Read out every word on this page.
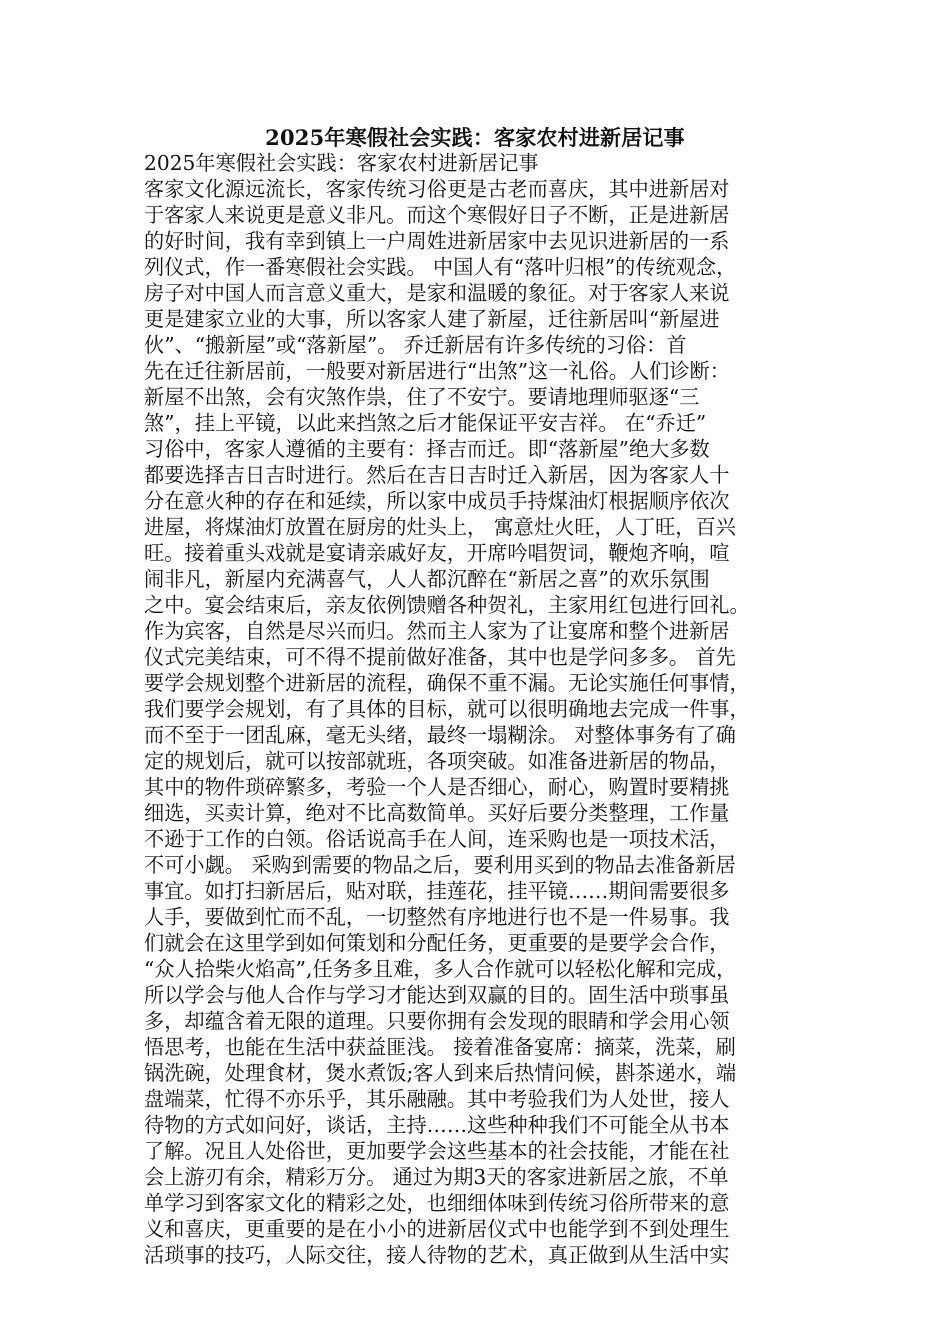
2025年寒假社会实践：客家农村进新居记事
2025年寒假社会实践：客家农村进新居记事
客家文化源远流长，客家传统习俗更是古老而喜庆，其中进新居对
于客家人来说更是意义非凡。而这个寒假好日子不断，正是进新居
的好时间，我有幸到镇上一户周姓进新居家中去见识进新居的一系
列仪式，作一番寒假社会实践。 中国人有“落叶归根”的传统观念，
房子对中国人而言意义重大，是家和温暖的象征。对于客家人来说
更是建家立业的大事，所以客家人建了新屋，迁往新居叫“新屋进
伙”、“搬新屋”或“落新屋”。 乔迁新居有许多传统的习俗：首
先在迁往新居前，一般要对新居进行“出煞”这一礼俗。人们诊断：
新屋不出煞，会有灾煞作祟，住了不安宁。要请地理师驱逐“三
煞”，挂上平镜，以此来挡煞之后才能保证平安吉祥。 在“乔迁”
习俗中，客家人遵循的主要有：择吉而迁。即“落新屋”绝大多数
都要选择吉日吉时进行。然后在吉日吉时迁入新居，因为客家人十
分在意火种的存在和延续，所以家中成员手持煤油灯根据顺序依次
进屋，将煤油灯放置在厨房的灶头上， 寓意灶火旺，人丁旺，百兴
旺。接着重头戏就是宴请亲戚好友，开席吟唱贺词，鞭炮齐响，喧
闹非凡，新屋内充满喜气，人人都沉醉在“新居之喜”的欢乐氛围
之中。宴会结束后，亲友依例馈赠各种贺礼，主家用红包进行回礼。
作为宾客，自然是尽兴而归。然而主人家为了让宴席和整个进新居
仪式完美结束，可不得不提前做好准备，其中也是学问多多。 首先
要学会规划整个进新居的流程，确保不重不漏。无论实施任何事情，
我们要学会规划，有了具体的目标，就可以很明确地去完成一件事，
而不至于一团乱麻，毫无头绪，最终一塌糊涂。 对整体事务有了确
定的规划后，就可以按部就班，各项突破。如准备进新居的物品，
其中的物件琐碎繁多，考验一个人是否细心，耐心，购置时要精挑
细选，买卖计算，绝对不比高数简单。买好后要分类整理，工作量
不逊于工作的白领。俗话说高手在人间，连采购也是一项技术活，
不可小觑。 采购到需要的物品之后，要利用买到的物品去准备新居
事宜。如打扫新居后，贴对联，挂莲花，挂平镜……期间需要很多
人手，要做到忙而不乱，一切整然有序地进行也不是一件易事。我
们就会在这里学到如何策划和分配任务，更重要的是要学会合作，
“众人拾柴火焰高”,任务多且难，多人合作就可以轻松化解和完成，
所以学会与他人合作与学习才能达到双赢的目的。固生活中琐事虽
多，却蕴含着无限的道理。只要你拥有会发现的眼睛和学会用心领
悟思考，也能在生活中获益匪浅。 接着准备宴席：摘菜，洗菜，刷
锅洗碗，处理食材，煲水煮饭;客人到来后热情问候，斟茶递水，端
盘端菜，忙得不亦乐乎，其乐融融。其中考验我们为人处世，接人
待物的方式如问好，谈话，主持……这些种种我们不可能全从书本
了解。况且人处俗世，更加要学会这些基本的社会技能，才能在社
会上游刃有余，精彩万分。 通过为期3天的客家进新居之旅，不单
单学习到客家文化的精彩之处，也细细体味到传统习俗所带来的意
义和喜庆，更重要的是在小小的进新居仪式中也能学到不到处理生
活琐事的技巧，人际交往，接人待物的艺术，真正做到从生活中实
